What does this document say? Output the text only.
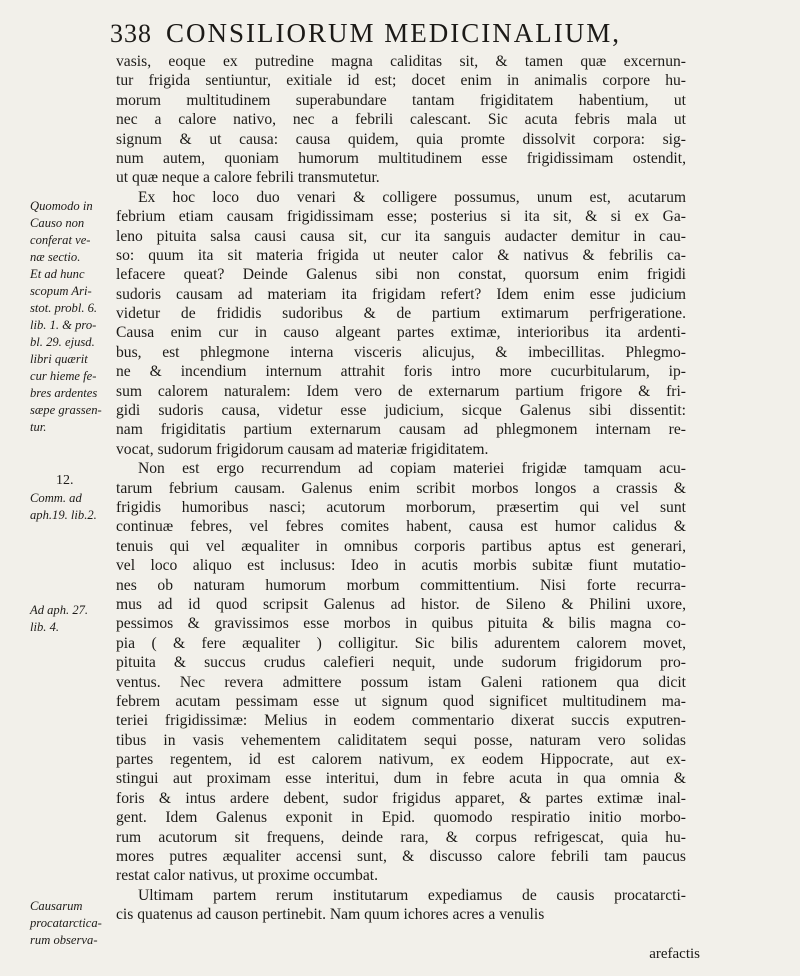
338 CONSILIORUM MEDICINALIUM,
Quomodo in
Causo non
conferat ve-
næ sectio.
Et ad hunc
scopum Ari-
stot. probl. 6.
lib. 1. & pro-
bl. 29. ejusd.
libri quærit
cur hieme fe-
bres ardentes
sæpe grassen-
tur.
12.
Comm. ad
aph.19. lib.2.
Ad aph. 27.
lib. 4.
Causarum
procatarctica-
rum observa-
vasis, eoque ex putredine magna caliditas sit, & tamen quæ excernun-
tur frigida sentiuntur, exitiale id est; docet enim in animalis corpore hu-
morum multitudinem superabundare tantam frigiditatem habentium, ut
nec a calore nativo, nec a febrili calescant. Sic acuta febris mala ut
signum & ut causa: causa quidem, quia promte dissolvit corpora: sig-
num autem, quoniam humorum multitudinem esse frigidissimam ostendit,
ut quæ neque a calore febrili transmutetur.
Ex hoc loco duo venari & colligere possumus, unum est, acutarum
febrium etiam causam frigidissimam esse; posterius si ita sit, & si ex Ga-
leno pituita salsa causi causa sit, cur ita sanguis audacter demitur in cau-
so: quum ita sit materia frigida ut neuter calor & nativus & febrilis ca-
lefacere queat? Deinde Galenus sibi non constat, quorsum enim frigidi
sudoris causam ad materiam ita frigidam refert? Idem enim esse judicium
videtur de frididis sudoribus & de partium extimarum perfrigeratione.
Causa enim cur in causo algeant partes extimæ, interioribus ita ardenti-
bus, est phlegmone interna visceris alicujus, & imbecillitas. Phlegmo-
ne & incendium internum attrahit foris intro more cucurbitularum, ip-
sum calorem naturalem: Idem vero de externarum partium frigore & fri-
gidi sudoris causa, videtur esse judicium, sicque Galenus sibi dissentit:
nam frigiditatis partium externarum causam ad phlegmonem internam re-
vocat, sudorum frigidorum causam ad materiæ frigiditatem.
Non est ergo recurrendum ad copiam materiei frigidæ tamquam acu-
tarum febrium causam. Galenus enim scribit morbos longos a crassis &
frigidis humoribus nasci; acutorum morborum, præsertim qui vel sunt
continuæ febres, vel febres comites habent, causa est humor calidus &
tenuis qui vel æqualiter in omnibus corporis partibus aptus est generari,
vel loco aliquo est inclusus: Ideo in acutis morbis subitæ fiunt mutatio-
nes ob naturam humorum morbum committentium. Nisi forte recurra-
mus ad id quod scripsit Galenus ad histor. de Sileno & Philini uxore,
pessimos & gravissimos esse morbos in quibus pituita & bilis magna co-
pia ( & fere æqualiter ) colligitur. Sic bilis adurentem calorem movet,
pituita & succus crudus calefieri nequit, unde sudorum frigidorum pro-
ventus. Nec revera admittere possum istam Galeni rationem qua dicit
febrem acutam pessimam esse ut signum quod significet multitudinem ma-
teriei frigidissimæ: Melius in eodem commentario dixerat succis exputren-
tibus in vasis vehementem caliditatem sequi posse, naturam vero solidas
partes regentem, id est calorem nativum, ex eodem Hippocrate, aut ex-
stingui aut proximam esse interitui, dum in febre acuta in qua omnia &
foris & intus ardere debent, sudor frigidus apparet, & partes extimæ inal-
gent. Idem Galenus exponit in Epid. quomodo respiratio initio morbo-
rum acutorum sit frequens, deinde rara, & corpus refrigescat, quia hu-
mores putres æqualiter accensi sunt, & discusso calore febrili tam paucus
restat calor nativus, ut proxime occumbat.
Ultimam partem rerum institutarum expediamus de causis procatarcti-
cis quatenus ad causon pertinebit. Nam quum ichores acres a venulis
arefactis
